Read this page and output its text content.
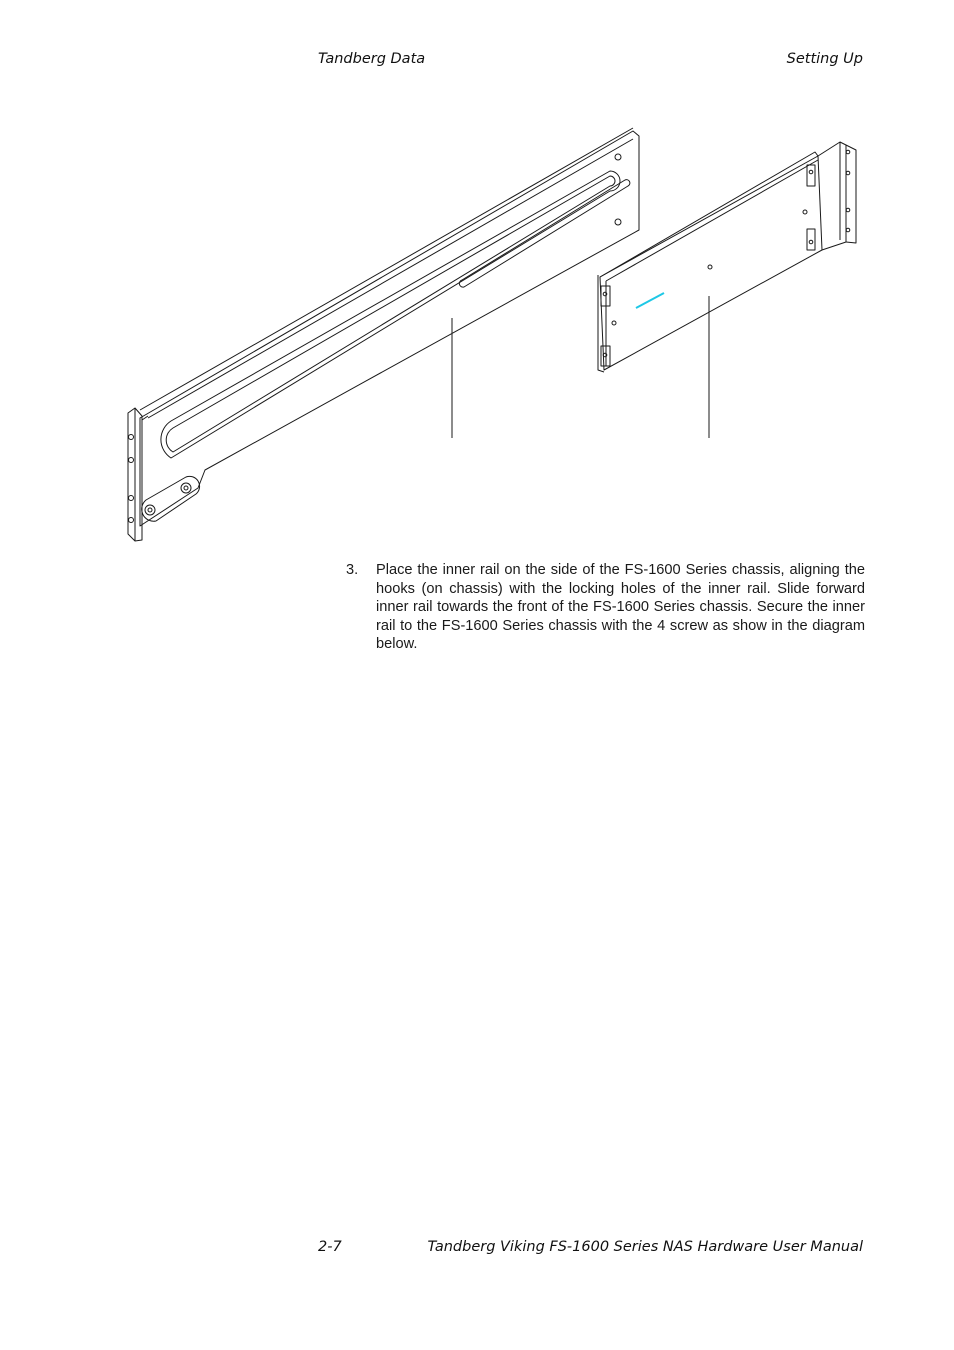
Tandberg Data	Setting Up
3. Place the inner rail on the side of the FS-1600 Series chassis, aligning the hooks (on chassis) with the locking holes of the inner rail. Slide forward inner rail towards the front of the FS-1600 Series chassis. Secure the inner rail to the FS-1600 Series chassis with the 4 screw as show in the diagram below.
2-7	Tandberg Viking FS-1600 Series NAS Hardware User Manual
